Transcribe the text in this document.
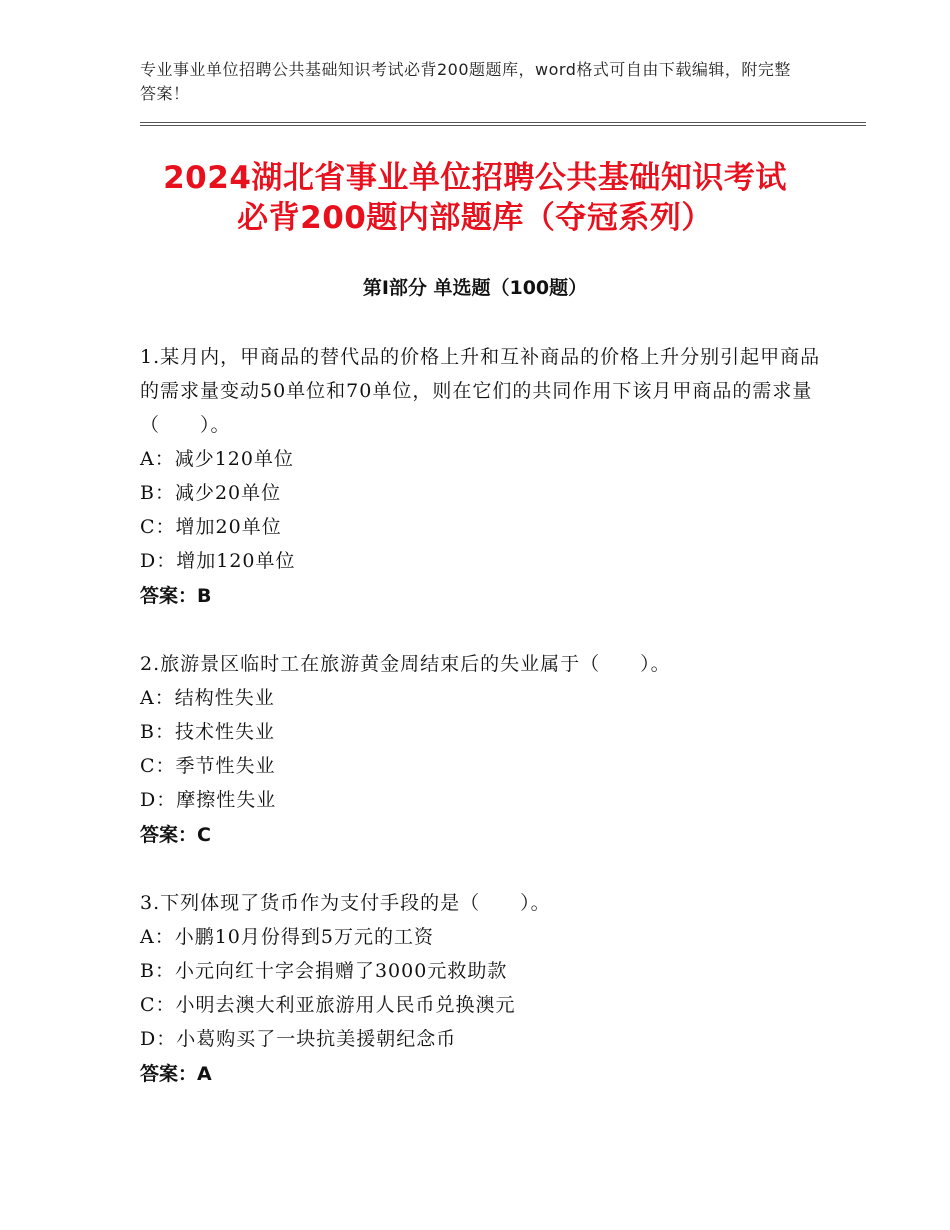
专业事业单位招聘公共基础知识考试必背200题题库，word格式可自由下载编辑，附完整答案！
2024湖北省事业单位招聘公共基础知识考试
必背200题内部题库（夺冠系列）
第Ⅰ部分 单选题（100题）

1.某月内，甲商品的替代品的价格上升和互补商品的价格上升分别引起甲商品的需求量变动50单位和70单位，则在它们的共同作用下该月甲商品的需求量（　　）。

A：减少120单位

B：减少20单位

C：增加20单位

D：增加120单位

答案：B

2.旅游景区临时工在旅游黄金周结束后的失业属于（　　）。

A：结构性失业

B：技术性失业

C：季节性失业

D：摩擦性失业

答案：C

3.下列体现了货币作为支付手段的是（　　）。

A：小鹏10月份得到5万元的工资

B：小元向红十字会捐赠了3000元救助款

C：小明去澳大利亚旅游用人民币兑换澳元

D：小葛购买了一块抗美援朝纪念币

答案：A
